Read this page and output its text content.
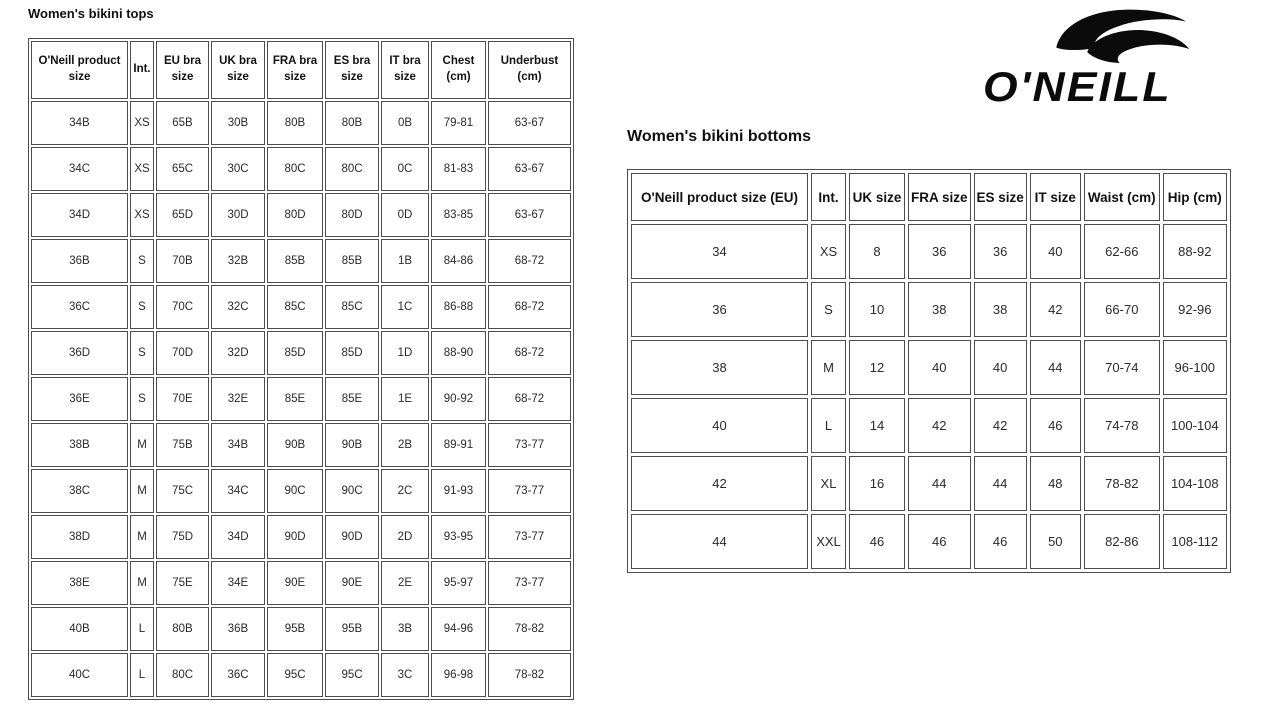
Women's bikini tops
O'Neill product size	Int.	EU bra size	UK bra size	FRA bra size	ES bra size	IT bra size	Chest (cm)	Underbust (cm)
34B	XS	65B	30B	80B	80B	0B	79-81	63-67
34C	XS	65C	30C	80C	80C	0C	81-83	63-67
34D	XS	65D	30D	80D	80D	0D	83-85	63-67
36B	S	70B	32B	85B	85B	1B	84-86	68-72
36C	S	70C	32C	85C	85C	1C	86-88	68-72
36D	S	70D	32D	85D	85D	1D	88-90	68-72
36E	S	70E	32E	85E	85E	1E	90-92	68-72
38B	M	75B	34B	90B	90B	2B	89-91	73-77
38C	M	75C	34C	90C	90C	2C	91-93	73-77
38D	M	75D	34D	90D	90D	2D	93-95	73-77
38E	M	75E	34E	90E	90E	2E	95-97	73-77
40B	L	80B	36B	95B	95B	3B	94-96	78-82
40C	L	80C	36C	95C	95C	3C	96-98	78-82
O'NEILL
Women's bikini bottoms
O'Neill product size (EU)	Int.	UK size	FRA size	ES size	IT size	Waist (cm)	Hip (cm)
34	XS	8	36	36	40	62-66	88-92
36	S	10	38	38	42	66-70	92-96
38	M	12	40	40	44	70-74	96-100
40	L	14	42	42	46	74-78	100-104
42	XL	16	44	44	48	78-82	104-108
44	XXL	46	46	46	50	82-86	108-112
